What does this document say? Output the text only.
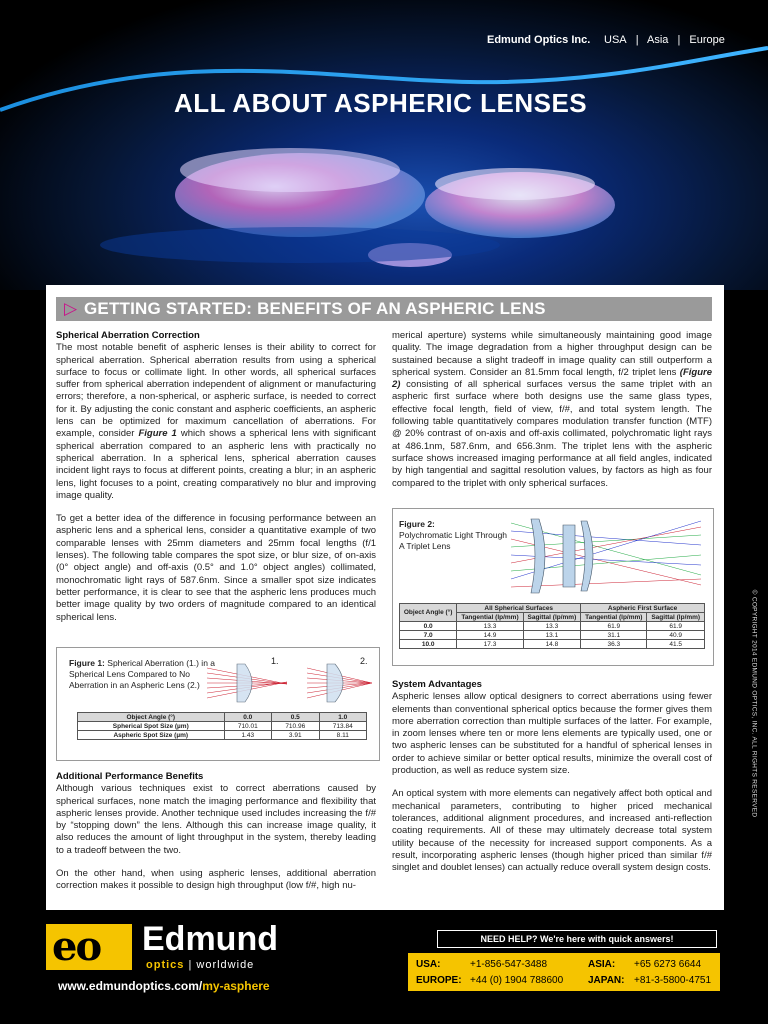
Edmund Optics Inc. USA | Asia | Europe
ALL ABOUT ASPHERIC LENSES
▷ GETTING STARTED: BENEFITS OF AN ASPHERIC LENS
Spherical Aberration Correction

The most notable benefit of aspheric lenses is their ability to correct for spherical aberration. Spherical aberration results from using a spherical surface to focus or collimate light. In other words, all spherical surfaces suffer from spherical aberration independent of alignment or manufacturing errors; therefore, a non-spherical, or aspheric surface, is needed to correct for it. By adjusting the conic constant and aspheric coefficients, an aspheric lens can be optimized for maximum cancellation of aberrations. For example, consider Figure 1 which shows a spherical lens with significant spherical aberration compared to an aspheric lens with practically no spherical aberration. In a spherical lens, spherical aberration causes incident light rays to focus at different points, creating a blur; in an aspheric lens, light focuses to a point, creating comparatively no blur and improving image quality.

To get a better idea of the difference in focusing performance between an aspheric lens and a spherical lens, consider a quantitative example of two comparable lenses with 25mm diameters and 25mm focal lengths (f/1 lenses). The following table compares the spot size, or blur size, of on-axis (0° object angle) and off-axis (0.5° and 1.0° object angles) collimated, monochromatic light rays of 587.6nm. Since a smaller spot size indicates better performance, it is clear to see that the aspheric lens produces much better image quality by two orders of magnitude compared to an identical spherical lens.

Figure 1: Spherical Aberration (1.) in a Spherical Lens Compared to No Aberration in an Aspheric Lens (2.)
1.	2.
Object Angle (°)	0.0	0.5	1.0
Spherical Spot Size (µm)	710.01	710.96	713.84
Aspheric Spot Size (µm)	1.43	3.91	8.11
Additional Performance Benefits

Although various techniques exist to correct aberrations caused by spherical surfaces, none match the imaging performance and flexibility that aspheric lenses provide. Another technique used includes increasing the f/# by “stopping down” the lens. Although this can increase image quality, it also reduces the amount of light throughput in the system, thereby leading to a tradeoff between the two.

On the other hand, when using aspheric lenses, additional aberration correction makes it possible to design high throughput (low f/#, high nu-

merical aperture) systems while simultaneously maintaining good image quality. The image degradation from a higher throughput design can be sustained because a slight tradeoff in image quality can still outperform a spherical system. Consider an 81.5mm focal length, f/2 triplet lens (Figure 2) consisting of all spherical surfaces versus the same triplet with an aspheric first surface where both designs use the same glass types, effective focal length, field of view, f/#, and total system length. The following table quantitatively compares modulation transfer function (MTF) @ 20% contrast of on-axis and off-axis collimated, polychromatic light rays at 486.1nm, 587.6nm, and 656.3nm. The triplet lens with the aspheric surface shows increased imaging performance at all field angles, indicated by high tangential and sagittal resolution values, by factors as high as four compared to the triplet with only spherical surfaces.

Figure 2:
Polychromatic Light Through A Triplet Lens
Object Angle (°)	All Spherical Surfaces		Aspheric First Surface	
	Tangential (lp/mm)	Sagittal (lp/mm)	Tangential (lp/mm)	Sagittal (lp/mm)
0.0	13.3	13.3	61.9	61.9
7.0	14.9	13.1	31.1	40.9
10.0	17.3	14.8	36.3	41.5
System Advantages

Aspheric lenses allow optical designers to correct aberrations using fewer elements than conventional spherical optics because the former gives them more aberration correction than multiple surfaces of the latter. For example, in zoom lenses where ten or more lens elements are typically used, one or two aspheric lenses can be substituted for a handful of spherical lenses in order to achieve similar or better optical results, minimize the overall cost of production, as well as reduce system size.

An optical system with more elements can negatively affect both optical and mechanical parameters, contributing to higher priced mechanical tolerances, additional alignment procedures, and increased anti-reflection coating requirements. All of these may ultimately decrease total system utility because of the necessity for increased support components. As a result, incorporating aspheric lenses (though higher priced than similar f/# singlet and doublet lenses) can actually reduce overall system design costs.

© COPYRIGHT 2014 EDMUND OPTICS, INC. ALL RIGHTS RESERVED
eo Edmund
optics | worldwide
www.edmundoptics.com/my-asphere
NEED HELP? We're here with quick answers!
USA:	+1-856-547-3488	ASIA: +65 6273 6644
EUROPE: +44 (0) 1904 788600 JAPAN: +81-3-5800-4751
